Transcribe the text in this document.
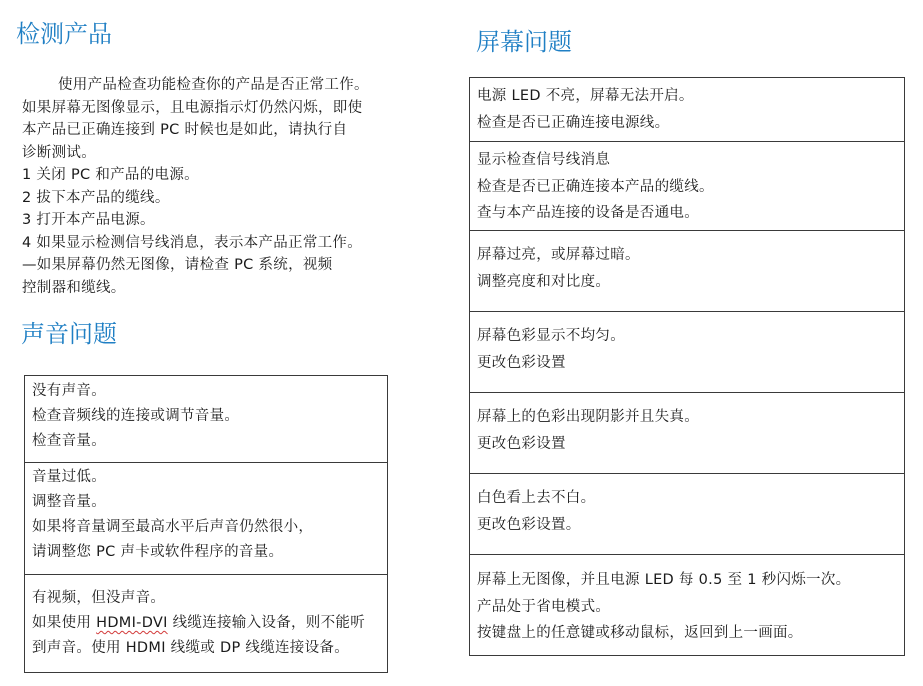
检测产品

使用产品检查功能检查你的产品是否正常工作。

如果屏幕无图像显示，且电源指示灯仍然闪烁，即使

本产品已正确连接到 PC 时候也是如此，请执行自

诊断测试。

1 关闭 PC 和产品的电源。

2 拔下本产品的缆线。

3 打开本产品电源。

4 如果显示检测信号线消息，表示本产品正常工作。

—如果屏幕仍然无图像，请检查 PC 系统，视频

控制器和缆线。

声音问题

没有声音。

检查音频线的连接或调节音量。

检查音量。

音量过低。

调整音量。

如果将音量调至最高水平后声音仍然很小，

请调整您 PC 声卡或软件程序的音量。

有视频，但没声音。

如果使用 HDMI-DVI 线缆连接输入设备，则不能听

到声音。使用 HDMI 线缆或 DP 线缆连接设备。

屏幕问题

电源 LED 不亮，屏幕无法开启。

检查是否已正确连接电源线。

显示检查信号线消息

检查是否已正确连接本产品的缆线。

查与本产品连接的设备是否通电。

屏幕过亮，或屏幕过暗。

调整亮度和对比度。

屏幕色彩显示不均匀。

更改色彩设置

屏幕上的色彩出现阴影并且失真。

更改色彩设置

白色看上去不白。

更改色彩设置。

屏幕上无图像，并且电源 LED 每 0.5 至 1 秒闪烁一次。

产品处于省电模式。

按键盘上的任意键或移动鼠标，返回到上一画面。
